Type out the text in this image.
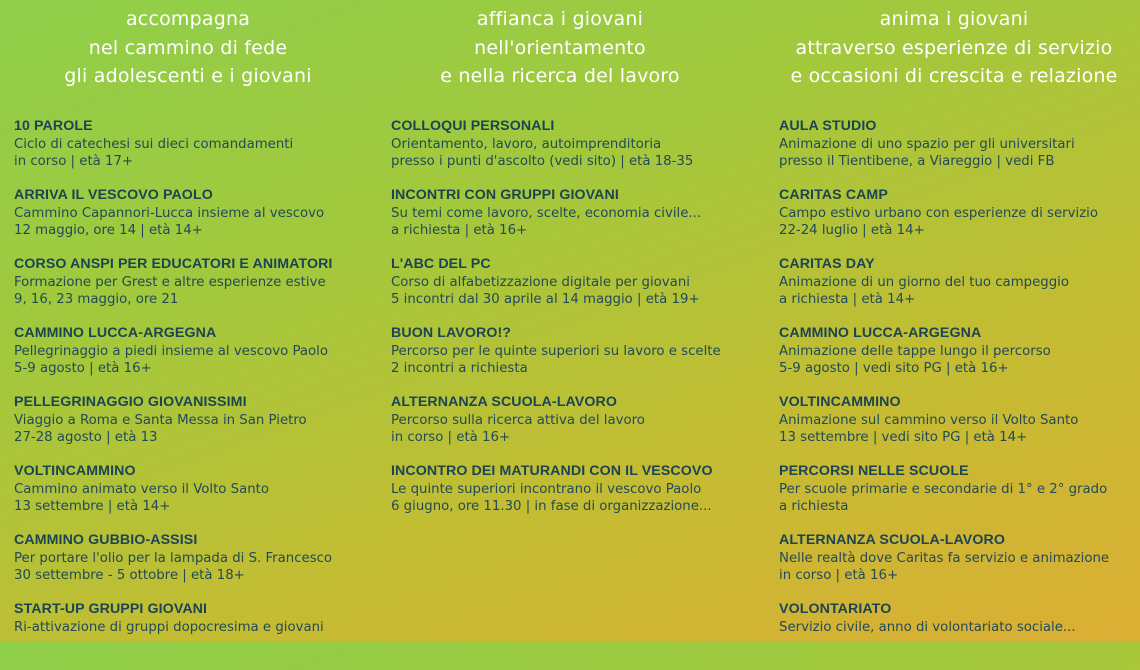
accompagna
nel cammino di fede
gli adolescenti e i giovani
10 PAROLE
Ciclo di catechesi sui dieci comandamenti
in corso | età 17+
ARRIVA IL VESCOVO PAOLO
Cammino Capannori-Lucca insieme al vescovo
12 maggio, ore 14 | età 14+
CORSO ANSPI PER EDUCATORI E ANIMATORI
Formazione per Grest e altre esperienze estive
9, 16, 23 maggio, ore 21
CAMMINO LUCCA-ARGEGNA
Pellegrinaggio a piedi insieme al vescovo Paolo
5-9 agosto | età 16+
PELLEGRINAGGIO GIOVANISSIMI
Viaggio a Roma e Santa Messa in San Pietro
27-28 agosto | età 13
VOLTINCAMMINO
Cammino animato verso il Volto Santo
13 settembre | età 14+
CAMMINO GUBBIO-ASSISI
Per portare l'olio per la lampada di S. Francesco
30 settembre - 5 ottobre | età 18+
START-UP GRUPPI GIOVANI
Ri-attivazione di gruppi dopocresima e giovani
affianca i giovani
nell'orientamento
e nella ricerca del lavoro
COLLOQUI PERSONALI
Orientamento, lavoro, autoimprenditoria
presso i punti d'ascolto (vedi sito) | età 18-35
INCONTRI CON GRUPPI GIOVANI
Su temi come lavoro, scelte, economia civile...
a richiesta | età 16+
L'ABC DEL PC
Corso di alfabetizzazione digitale per giovani
5 incontri dal 30 aprile al 14 maggio | età 19+
BUON LAVORO!?
Percorso per le quinte superiori su lavoro e scelte
2 incontri a richiesta
ALTERNANZA SCUOLA-LAVORO
Percorso sulla ricerca attiva del lavoro
in corso | età 16+
INCONTRO DEI MATURANDI CON IL VESCOVO
Le quinte superiori incontrano il vescovo Paolo
6 giugno, ore 11.30 | in fase di organizzazione...
anima i giovani
attraverso esperienze di servizio
e occasioni di crescita e relazione
AULA STUDIO
Animazione di uno spazio per gli universitari
presso il Tientibene, a Viareggio | vedi FB
CARITAS CAMP
Campo estivo urbano con esperienze di servizio
22-24 luglio | età 14+
CARITAS DAY
Animazione di un giorno del tuo campeggio
a richiesta | età 14+
CAMMINO LUCCA-ARGEGNA
Animazione delle tappe lungo il percorso
5-9 agosto | vedi sito PG | età 16+
VOLTINCAMMINO
Animazione sul cammino verso il Volto Santo
13 settembre | vedi sito PG | età 14+
PERCORSI NELLE SCUOLE
Per scuole primarie e secondarie di 1° e 2° grado
a richiesta
ALTERNANZA SCUOLA-LAVORO
Nelle realtà dove Caritas fa servizio e animazione
in corso | età 16+
VOLONTARIATO
Servizio civile, anno di volontariato sociale...
